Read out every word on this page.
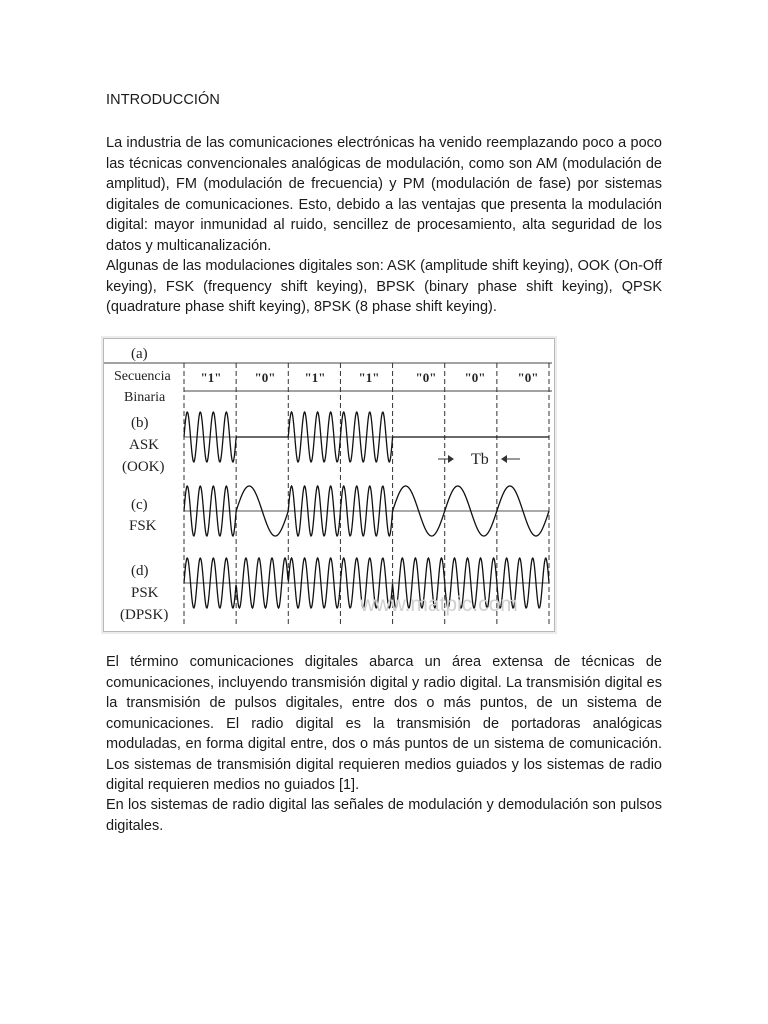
INTRODUCCIÓN

La industria de las comunicaciones electrónicas ha venido reemplazando poco a poco las técnicas convencionales analógicas de modulación, como son AM (modulación de amplitud), FM (modulación de frecuencia) y PM (modulación de fase) por sistemas digitales de comunicaciones. Esto, debido a las ventajas que presenta la modulación digital: mayor inmunidad al ruido, sencillez de procesamiento, alta seguridad de los datos y multicanalización.

Algunas de las modulaciones digitales son: ASK (amplitude shift keying), OOK (On-Off keying), FSK (frequency shift keying), BPSK (binary phase shift keying), QPSK (quadrature phase shift keying), 8PSK (8 phase shift keying).

(a)
Secuencia
Binaria
(b)
ASK
(OOK)
(c)
FSK
(d)
PSK
(DPSK)
"1"	"0" "1"	"1"	"0" "0" "0"
Tb
www.matpic.com

El término comunicaciones digitales abarca un área extensa de técnicas de comunicaciones, incluyendo transmisión digital y radio digital. La transmisión digital es la transmisión de pulsos digitales, entre dos o más puntos, de un sistema de comunicaciones. El radio digital es la transmisión de portadoras analógicas moduladas, en forma digital entre, dos o más puntos de un sistema de comunicación. Los sistemas de transmisión digital requieren medios guiados y los sistemas de radio digital requieren medios no guiados [1].

En los sistemas de radio digital las señales de modulación y demodulación son pulsos digitales.
